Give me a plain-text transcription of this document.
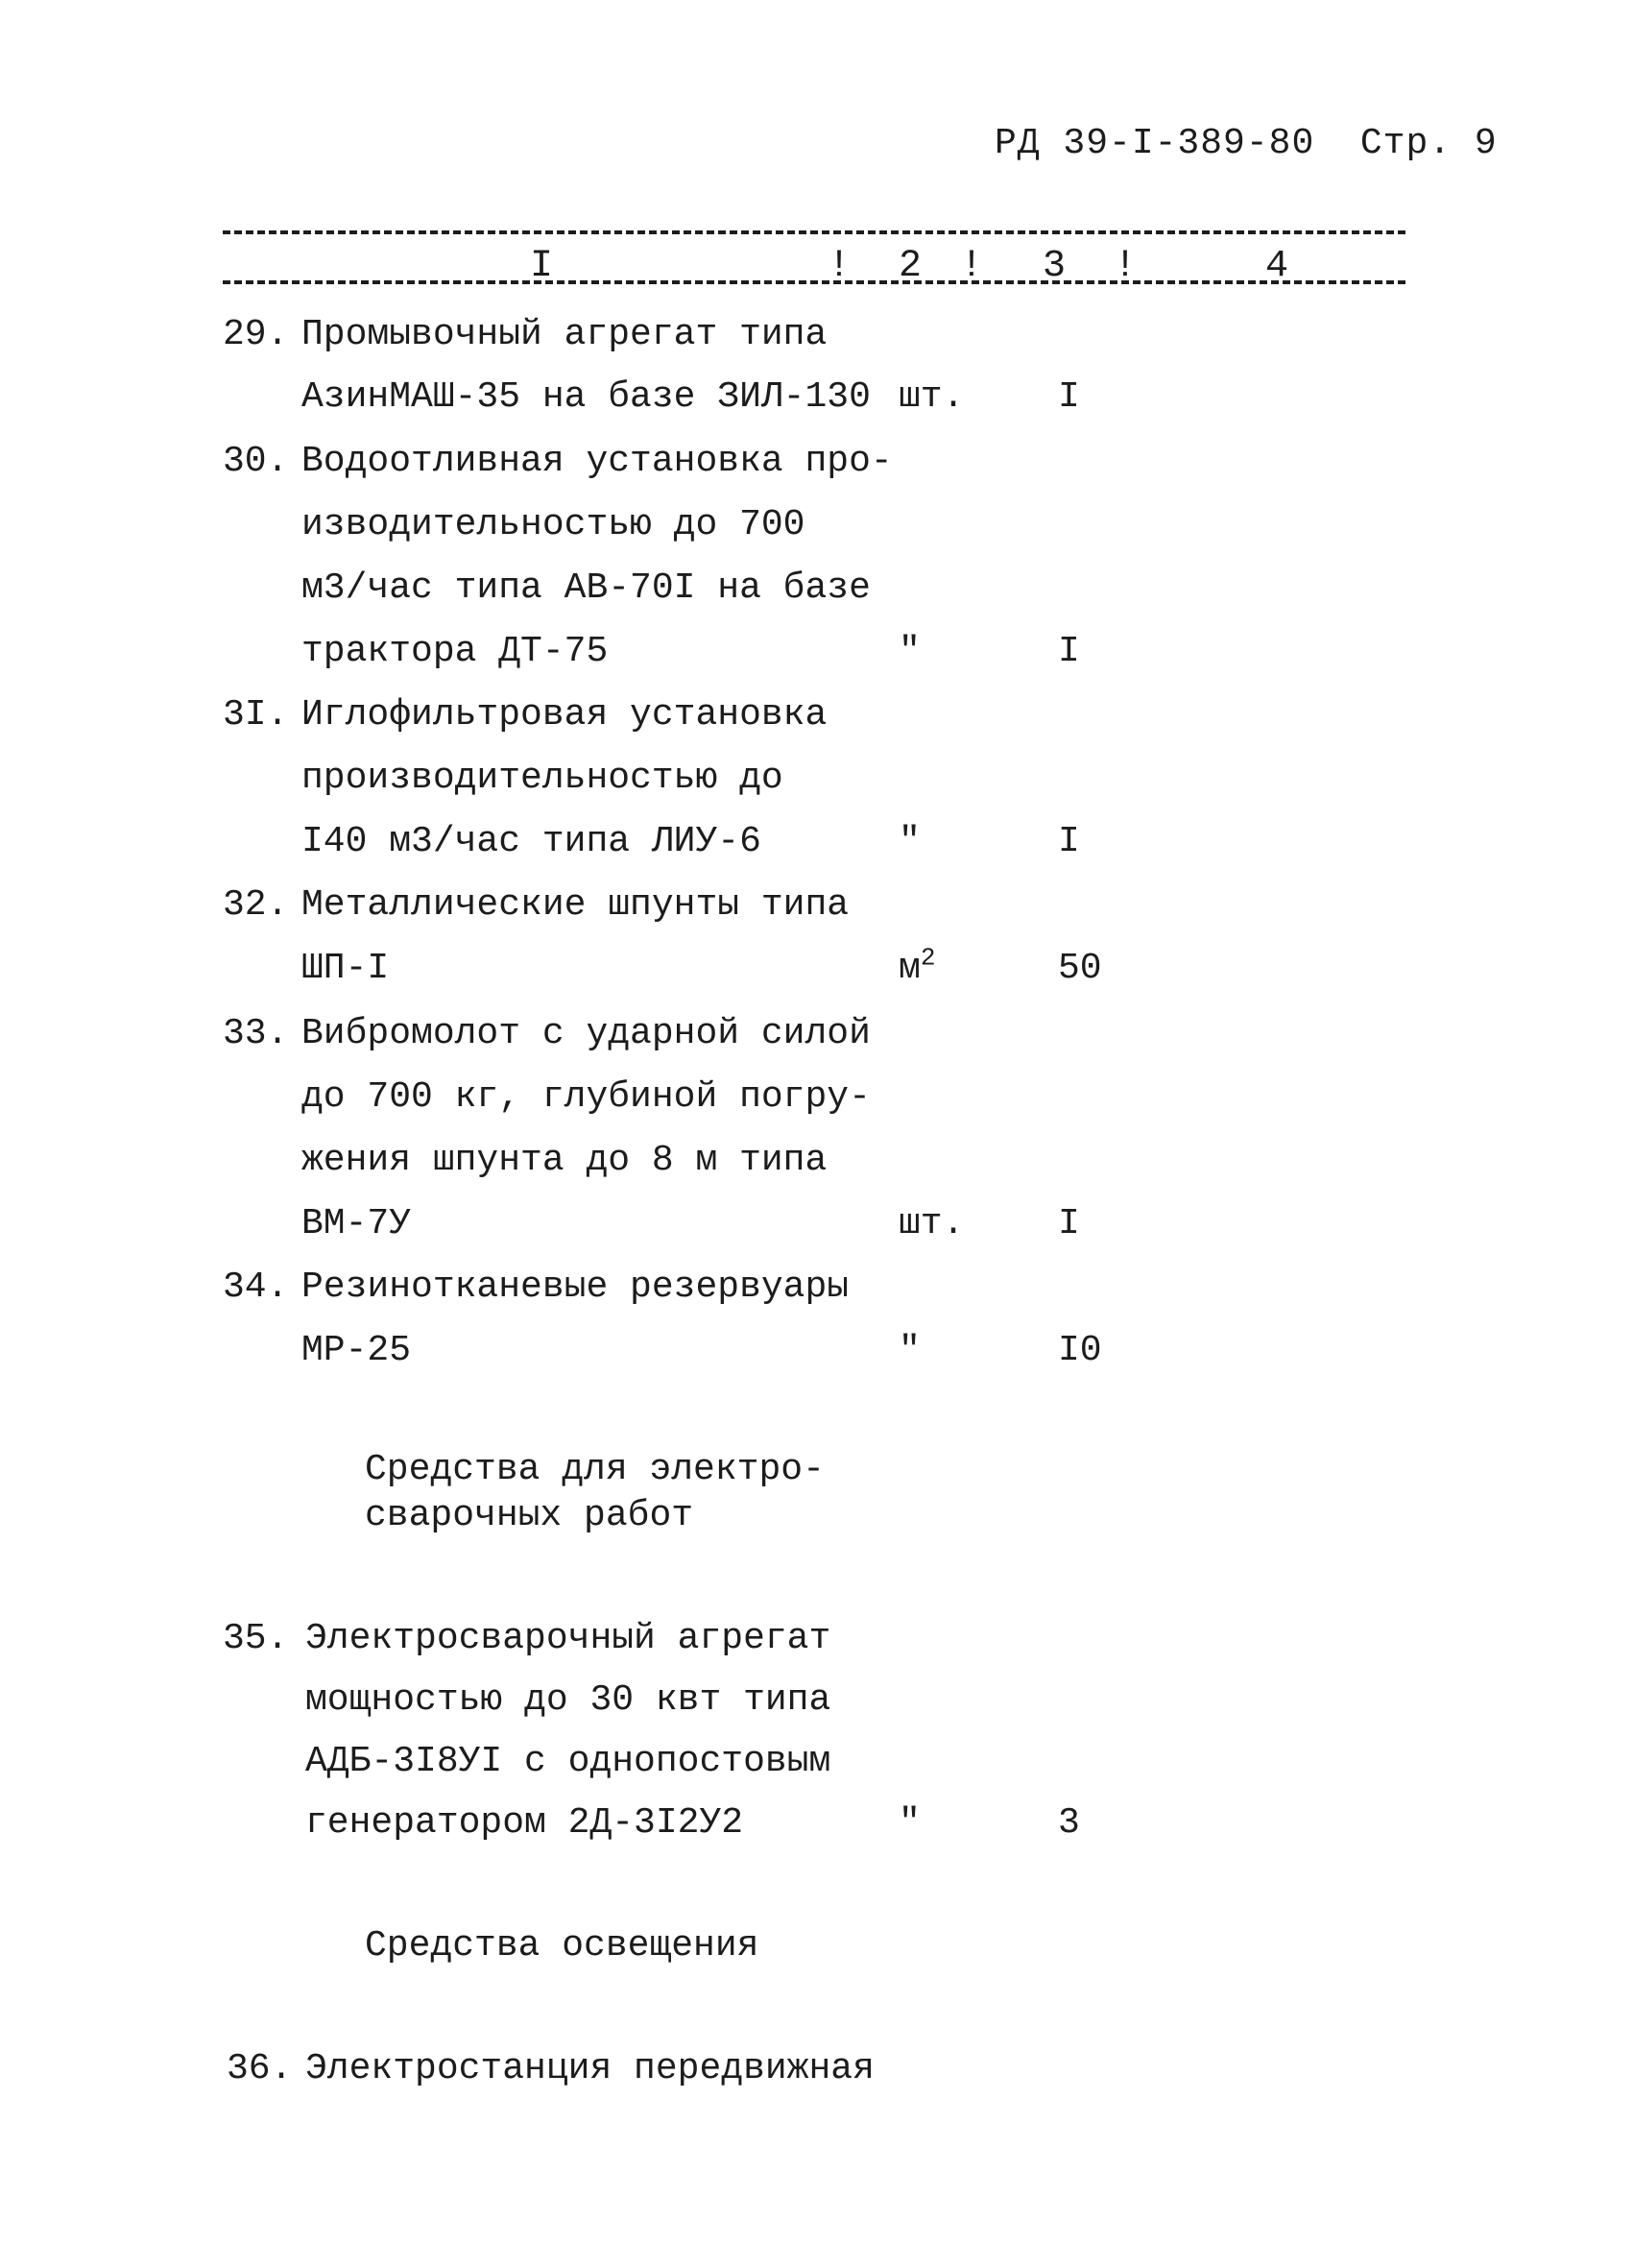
РД 39-I-389-80 Стр. 9
I	! 2 ! 3 !	4
29. Промывочный агрегат типа
АзинМАШ-35 на базе ЗИЛ-130 шт.	I
30. Водоотливная установка про-
изводительностью до 700
м3/час типа АВ-70I на базе
трактора ДТ-75	"	I
3I. Иглофильтровая установка
производительностью до
I40 м3/час типа ЛИУ-6	"	I
32. Металлические шпунты типа
ШП-I	$м^2$	50
33. Вибромолот с ударной силой
до 700 кг, глубиной погру-
жения шпунта до 8 м типа
ВМ-7У	шт.	I
34. Резинотканевые резервуары
МР-25	"	I0
Средства для электро-
сварочных работ
35. Электросварочный агрегат
мощностью до 30 квт типа
АДБ-3I8УI с однопостовым
генератором 2Д-3I2У2	"	3
Средства освещения
36. Электростанция передвижная
